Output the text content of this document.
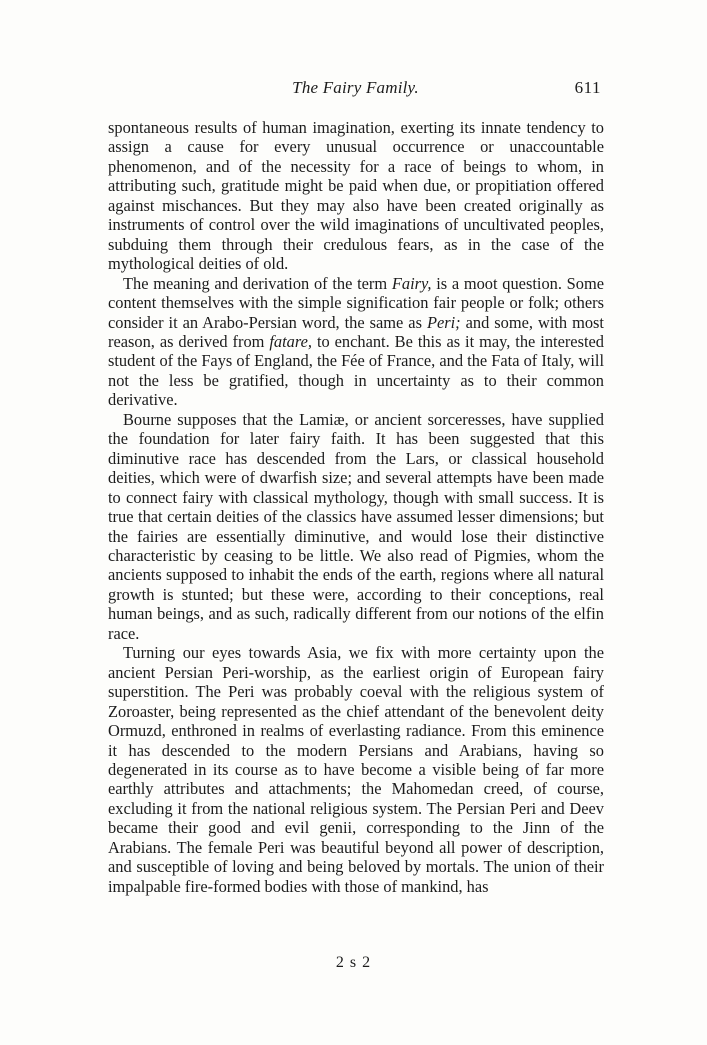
The Fairy Family.	611

spontaneous results of human imagination, exerting its innate tendency to assign a cause for every unusual occurrence or unaccountable phenomenon, and of the necessity for a race of beings to whom, in attributing such, gratitude might be paid when due, or propitiation offered against mischances. But they may also have been created originally as instruments of control over the wild imaginations of uncultivated peoples, subduing them through their credulous fears, as in the case of the mythological deities of old.

The meaning and derivation of the term Fairy, is a moot question. Some content themselves with the simple signification fair people or folk; others consider it an Arabo-Persian word, the same as Peri; and some, with most reason, as derived from fatare, to enchant. Be this as it may, the interested student of the Fays of England, the Fée of France, and the Fata of Italy, will not the less be gratified, though in uncertainty as to their common derivative.

Bourne supposes that the Lamiæ, or ancient sorceresses, have supplied the foundation for later fairy faith. It has been suggested that this diminutive race has descended from the Lars, or classical household deities, which were of dwarfish size; and several attempts have been made to connect fairy with classical mythology, though with small success. It is true that certain deities of the classics have assumed lesser dimensions; but the fairies are essentially diminutive, and would lose their distinctive characteristic by ceasing to be little. We also read of Pigmies, whom the ancients supposed to inhabit the ends of the earth, regions where all natural growth is stunted; but these were, according to their conceptions, real human beings, and as such, radically different from our notions of the elfin race.

Turning our eyes towards Asia, we fix with more certainty upon the ancient Persian Peri-worship, as the earliest origin of European fairy superstition. The Peri was probably coeval with the religious system of Zoroaster, being represented as the chief attendant of the benevolent deity Ormuzd, enthroned in realms of everlasting radiance. From this eminence it has descended to the modern Persians and Arabians, having so degenerated in its course as to have become a visible being of far more earthly attributes and attachments; the Mahomedan creed, of course, excluding it from the national religious system. The Persian Peri and Deev became their good and evil genii, corresponding to the Jinn of the Arabians. The female Peri was beautiful beyond all power of description, and susceptible of loving and being beloved by mortals. The union of their impalpable fire-formed bodies with those of mankind, has

2 s 2
